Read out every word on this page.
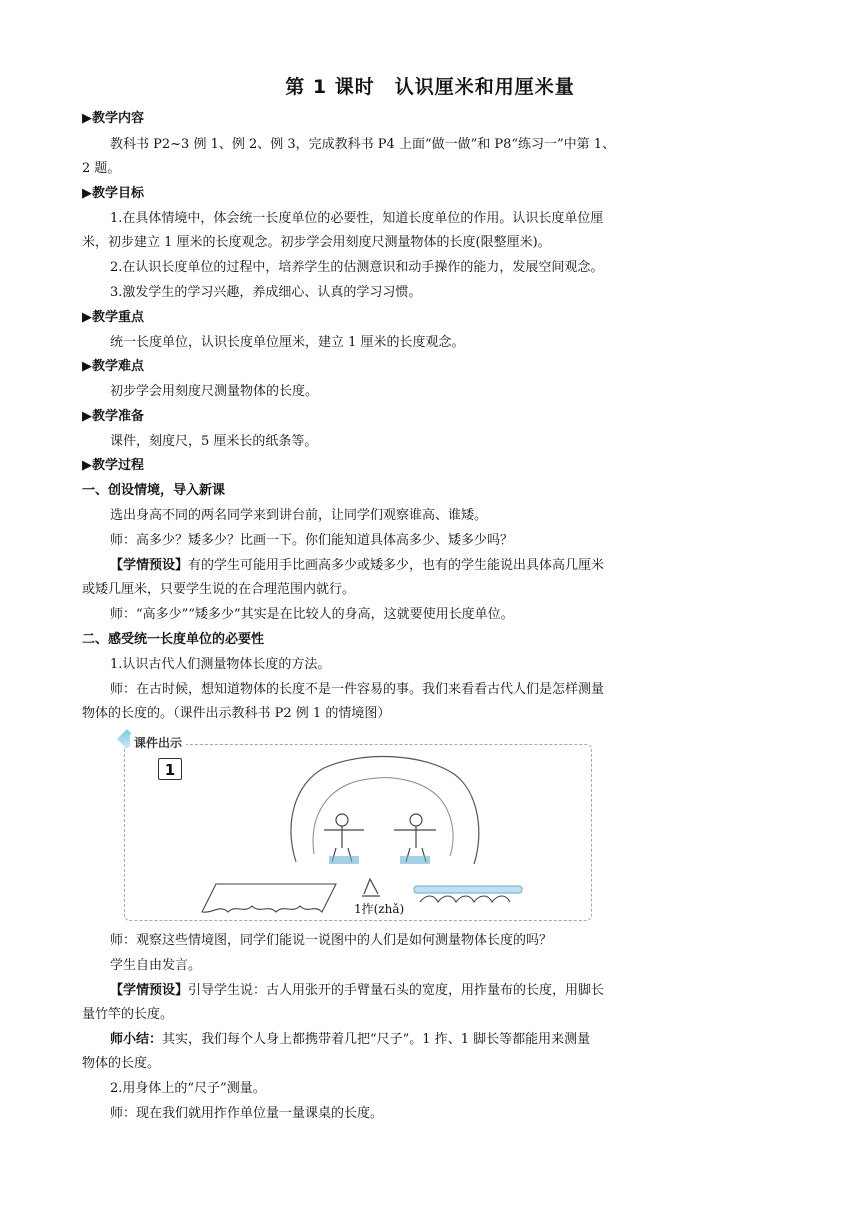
第 1 课时　认识厘米和用厘米量
▶教学内容
教科书 P2~3 例 1、例 2、例 3，完成教科书 P4 上面“做一做”和 P8“练习一”中第 1、
2 题。
▶教学目标
1.在具体情境中，体会统一长度单位的必要性，知道长度单位的作用。认识长度单位厘
米，初步建立 1 厘米的长度观念。初步学会用刻度尺测量物体的长度(限整厘米)。
2.在认识长度单位的过程中，培养学生的估测意识和动手操作的能力，发展空间观念。
3.激发学生的学习兴趣，养成细心、认真的学习习惯。
▶教学重点
统一长度单位，认识长度单位厘米，建立 1 厘米的长度观念。
▶教学难点
初步学会用刻度尺测量物体的长度。
▶教学准备
课件，刻度尺，5 厘米长的纸条等。
▶教学过程
一、创设情境，导入新课
选出身高不同的两名同学来到讲台前，让同学们观察谁高、谁矮。
师：高多少？矮多少？比画一下。你们能知道具体高多少、矮多少吗？
【学情预设】有的学生可能用手比画高多少或矮多少，也有的学生能说出具体高几厘米
或矮几厘米，只要学生说的在合理范围内就行。
师：“高多少”“矮多少”其实是在比较人的身高，这就要使用长度单位。
二、感受统一长度单位的必要性
1.认识古代人们测量物体长度的方法。
师：在古时候，想知道物体的长度不是一件容易的事。我们来看看古代人们是怎样测量
物体的长度的。（课件出示教科书 P2 例 1 的情境图）
课件出示
1
1拃(zhǎ)
师：观察这些情境图，同学们能说一说图中的人们是如何测量物体长度的吗？
学生自由发言。
【学情预设】引导学生说：古人用张开的手臂量石头的宽度，用拃量布的长度，用脚长
量竹竿的长度。
师小结：其实，我们每个人身上都携带着几把“尺子”。1 拃、1 脚长等都能用来测量
物体的长度。
2.用身体上的“尺子”测量。
师：现在我们就用拃作单位量一量课桌的长度。
